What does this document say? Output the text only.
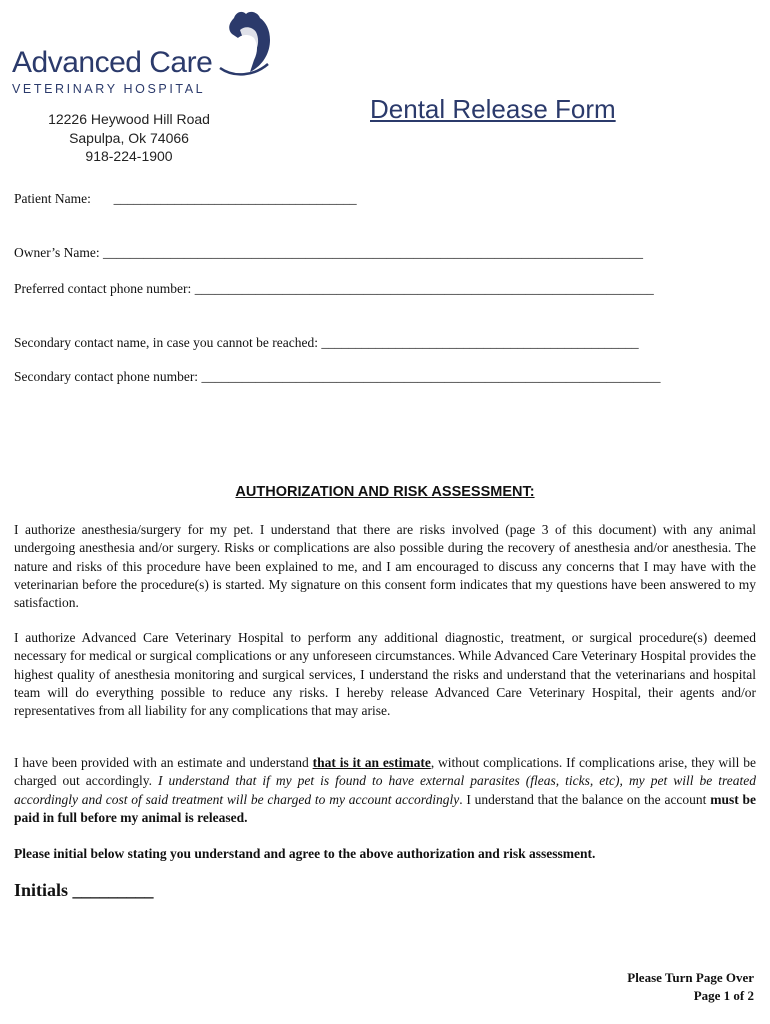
Advanced Care
VETERINARY HOSPITAL
12226 Heywood Hill Road
Sapulpa, Ok 74066
918-224-1900
Dental Release Form
Patient Name: ____________________________________
Owner’s Name: ________________________________________________________________________________
Preferred contact phone number: ____________________________________________________________________
Secondary contact name, in case you cannot be reached: _______________________________________________
Secondary contact phone number: ____________________________________________________________________
AUTHORIZATION AND RISK ASSESSMENT:
I authorize anesthesia/surgery for my pet. I understand that there are risks involved (page 3 of this document) with any animal undergoing anesthesia and/or surgery. Risks or complications are also possible during the recovery of anesthesia and/or anesthesia. The nature and risks of this procedure have been explained to me, and I am encouraged to discuss any concerns that I may have with the veterinarian before the procedure(s) is started. My signature on this consent form indicates that my questions have been answered to my satisfaction.
I authorize Advanced Care Veterinary Hospital to perform any additional diagnostic, treatment, or surgical procedure(s) deemed necessary for medical or surgical complications or any unforeseen circumstances. While Advanced Care Veterinary Hospital provides the highest quality of anesthesia monitoring and surgical services, I understand the risks and understand that the veterinarians and hospital team will do everything possible to reduce any risks. I hereby release Advanced Care Veterinary Hospital, their agents and/or representatives from all liability for any complications that may arise.
I have been provided with an estimate and understand that is it an estimate, without complications. If complications arise, they will be charged out accordingly. I understand that if my pet is found to have external parasites (fleas, ticks, etc), my pet will be treated accordingly and cost of said treatment will be charged to my account accordingly. I understand that the balance on the account must be paid in full before my animal is released.
Please initial below stating you understand and agree to the above authorization and risk assessment.
Initials _________
Please Turn Page Over
Page 1 of 2
